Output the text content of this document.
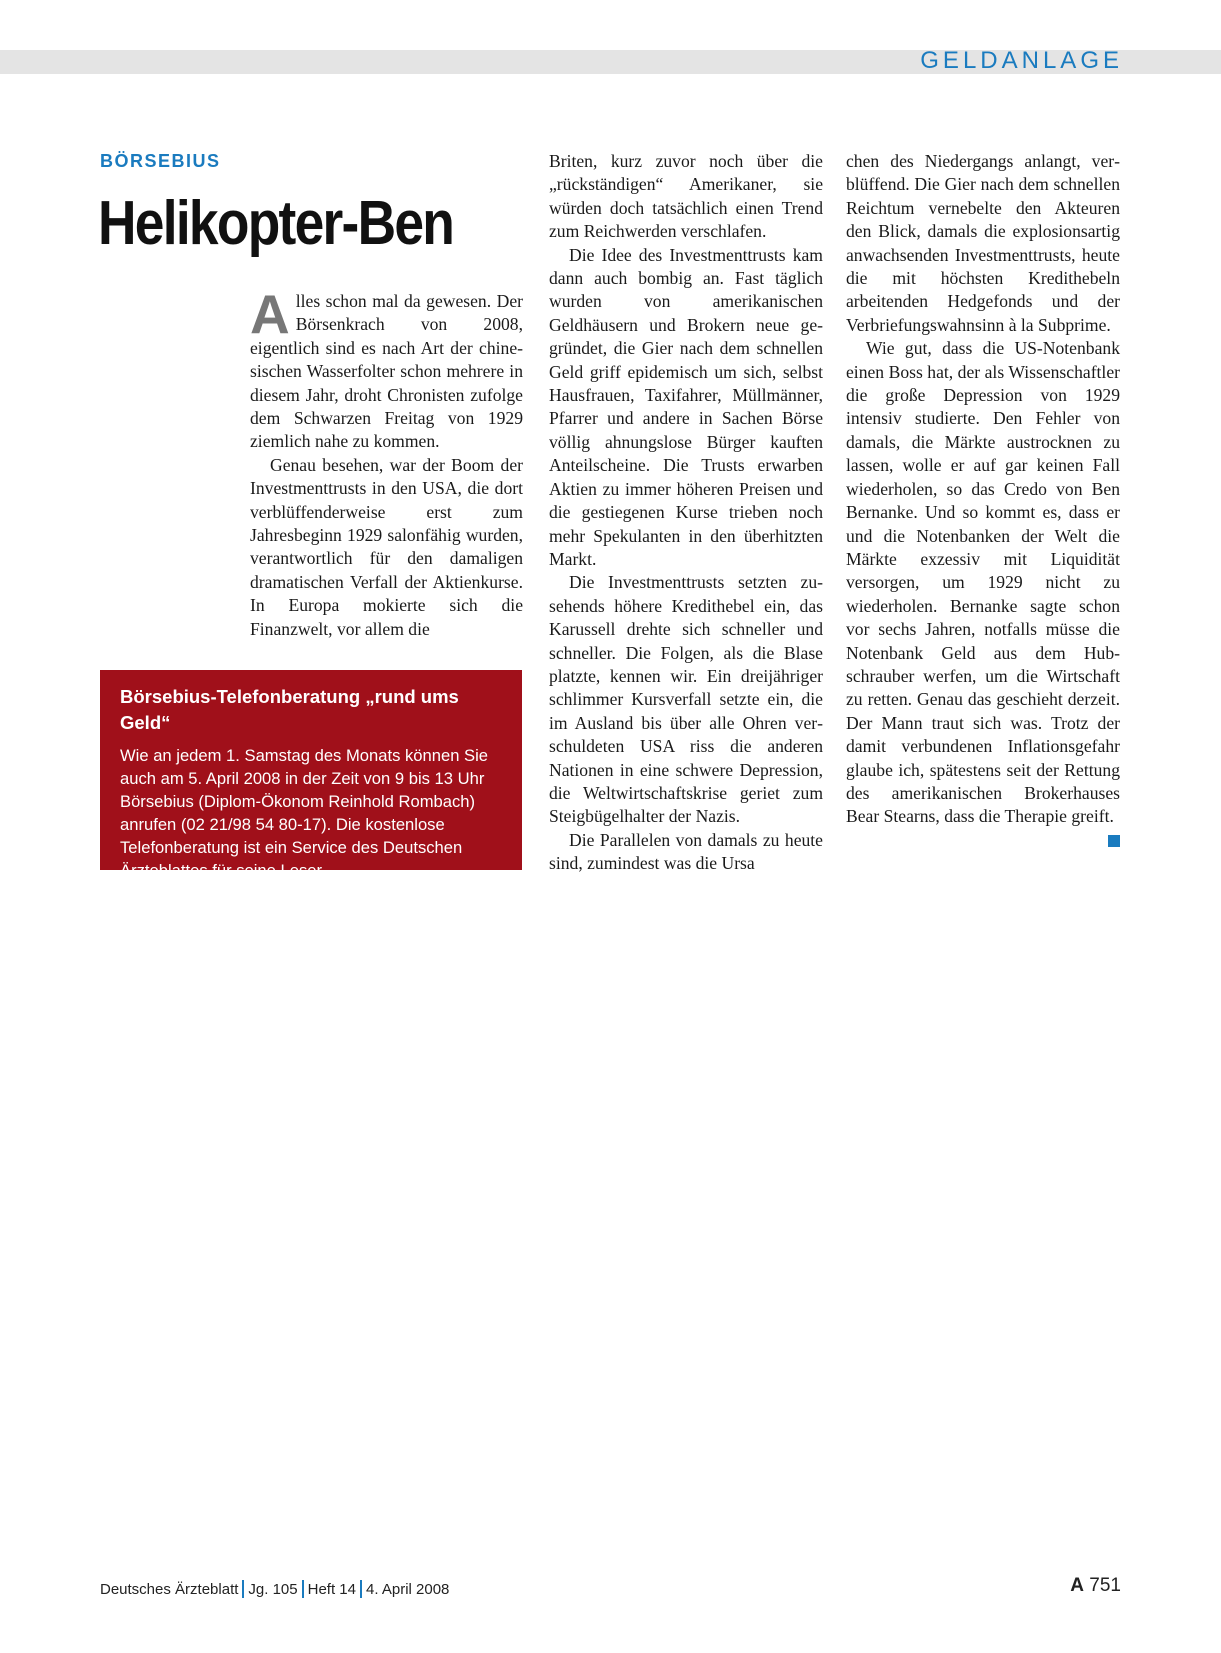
GELDANLAGE
BÖRSEBIUS
Helikopter-Ben

Alles schon mal da gewesen. Der Börsenkrach von 2008, eigentlich sind es nach Art der chinesischen Wasserfolter schon mehrere in diesem Jahr, droht Chronisten zufolge dem Schwarzen Freitag von 1929 ziemlich nahe zu kommen.

Genau besehen, war der Boom der Investmenttrusts in den USA, die dort verblüffenderweise erst zum Jahresbeginn 1929 salonfähig wurden, verantwortlich für den damaligen dramatischen Verfall der Aktienkurse. In Europa mokierte sich die Finanzwelt, vor allem die

Briten, kurz zuvor noch über die „rückständigen“ Amerikaner, sie würden doch tatsächlich einen Trend zum Reichwerden verschlafen.

Die Idee des Investmenttrusts kam dann auch bombig an. Fast täglich wurden von amerikanischen Geldhäusern und Brokern neue gegründet, die Gier nach dem schnellen Geld griff epidemisch um sich, selbst Hausfrauen, Taxifahrer, Müllmänner, Pfarrer und andere in Sachen Börse völlig ahnungslose Bürger kauften Anteilscheine. Die Trusts erwarben Aktien zu immer höheren Preisen und die gestiegenen Kurse trieben noch mehr Spekulanten in den überhitzten Markt.

Die Investmenttrusts setzten zusehends höhere Kredithebel ein, das Karussell drehte sich schneller und schneller. Die Folgen, als die Blase platzte, kennen wir. Ein dreijähriger schlimmer Kursverfall setzte ein, die im Ausland bis über alle Ohren verschuldeten USA riss die anderen Nationen in eine schwere Depression, die Weltwirtschaftskrise geriet zum Steigbügelhalter der Nazis.

Die Parallelen von damals zu heute sind, zumindest was die Ursa

chen des Niedergangs anlangt, verblüffend. Die Gier nach dem schnellen Reichtum vernebelte den Akteuren den Blick, damals die explosionsartig anwachsenden Investmenttrusts, heute die mit höchsten Kredithebeln arbeitenden Hedgefonds und der Verbriefungswahnsinn à la Subprime.

Wie gut, dass die US-Notenbank einen Boss hat, der als Wissenschaftler die große Depression von 1929 intensiv studierte. Den Fehler von damals, die Märkte austrocknen zu lassen, wolle er auf gar keinen Fall wiederholen, so das Credo von Ben Bernanke. Und so kommt es, dass er und die Notenbanken der Welt die Märkte exzessiv mit Liquidität versorgen, um 1929 nicht zu wiederholen. Bernanke sagte schon vor sechs Jahren, notfalls müsse die Notenbank Geld aus dem Hubschrauber werfen, um die Wirtschaft zu retten. Genau das geschieht derzeit. Der Mann traut sich was. Trotz der damit verbundenen Inflationsgefahr glaube ich, spätestens seit der Rettung des amerikanischen Brokerhauses Bear Stearns, dass die Therapie greift.

Börsebius-Telefonberatung „rund ums Geld“
Wie an jedem 1. Samstag des Monats können Sie auch am 5. April 2008 in der Zeit von 9 bis 13 Uhr Börsebius (Diplom-Ökonom Reinhold Rombach) anrufen (02 21/98 54 80-17). Die kostenlose Telefonberatung ist ein Service des Deutschen Ärzteblattes für seine Leser.
Deutsches Ärzteblatt Jg. 105 Heft 14 4. April 2008	A 751
